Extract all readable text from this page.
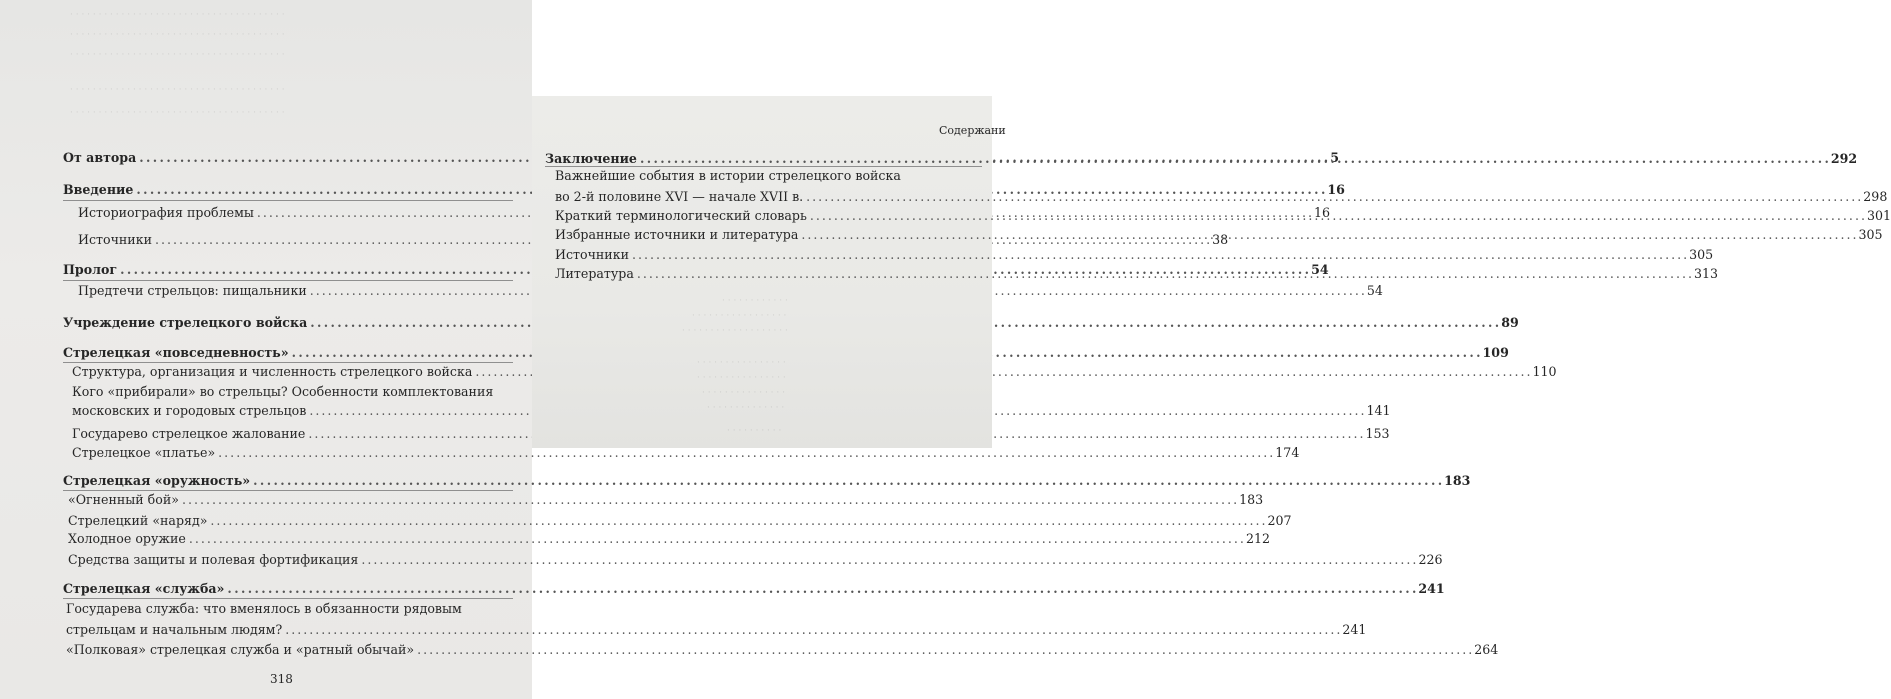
· · · · · · · · · · · · · · · · · · · · · · · · · · · · · · · · · · · · · ·
· · · · · · · · · · · · · · · · · · · · · · · · · · · · · · · · · · · · · ·
· · · · · · · · · · · · · · · · · · · · · · · · · · · · · · · · · · · · · ·
· · · · · · · · · · · · · · · · · · · · · · · · · · · · · · · · · · · · · ·
· · · · · · · · · · · · · · · · · · · · · · · · · · · · · · · · · · · · · ·
От автора . . .	5
Введение . . .	16
Историография проблемы . . .	16
Источники . . .	38
Пролог . . .	54
Предтечи стрельцов: пищальники . . .	54
Учреждение стрелецкого войска . . .	89
Стрелецкая «повседневность» . . .	109
Структура, организация и численность стрелецкого войска . . .	110
Кого «прибирали» во стрельцы? Особенности комплектования
московских и городовых стрельцов . . .	141
Государево стрелецкое жалование . . .	153
Стрелецкое «платье» . . .	174
Стрелецкая «оружность» . . .	183
«Огненный бой» . . .	183
Стрелецкий «наряд» . . .	207
Холодное оружие . . .	212
Средства защиты и полевая фортификация . . .	226
Стрелецкая «служба» . . .	241
Государева служба: что вменялось в обязанности рядовым
стрельцам и начальным людям? . . .	241
«Полковая» стрелецкая служба и «ратный обычай» . . .	264
318
Содержани
Заключение . . .	292
Важнейшие события в истории стрелецкого войска
во 2-й половине XVI — начале XVII в. . . .	298
Краткий терминологический словарь . . .	301
Избранные источники и литература . . .	305
Источники . . .	305
Литература . . .	313
· · · · · · · · · · · ·
· · · · · · · · · · · · · · · · ·
· · · · · · · · · · · · · · · · · · ·
· · · · · · · · · · · · · · · ·
· · · · · · · · · · · · · · · ·
· · · · · · · · · · · · · · ·
· · · · · · · · · · · · · ·
· · · · · · · · · ·
